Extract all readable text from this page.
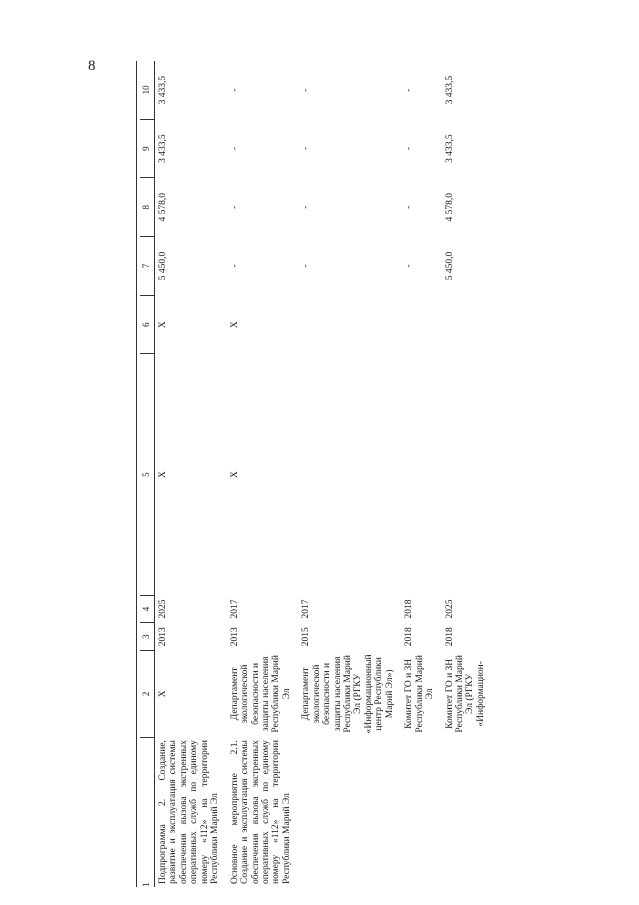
8
1	2	3	4	5	6	7	8	9	10
Подпрограмма 2. Создание, развитие и эксплуатация системы обеспечения вызова экстренных оперативных служб по единому номеру «112» на территории Республики Марий Эл	X	2013	2025	X	X	5 450,0	4 578,0	3 433,5	3 433,5
Основное мероприятие 2.1. Создание и эксплуатация системы обеспечения вызова экстренных оперативных служб по единому номеру «112» на территории Республики Марий Эл	Департамент экологической безопасности и защиты населения Республики Марий Эл	2013	2017	X	X	-	-	-	-
	Департамент экологической безопасности и защиты населения Республики Марий Эл (РГКУ «Информационный центр Республики Марий Эл»)	2015	2017			-	-	-	-
	Комитет ГО и ЗН Республики Марий Эл	2018	2018			-	-	-	-
	Комитет ГО и ЗН Республики Марий Эл (РГКУ «Информацион-	2018	2025			5 450,0	4 578,0	3 433,5	3 433,5
